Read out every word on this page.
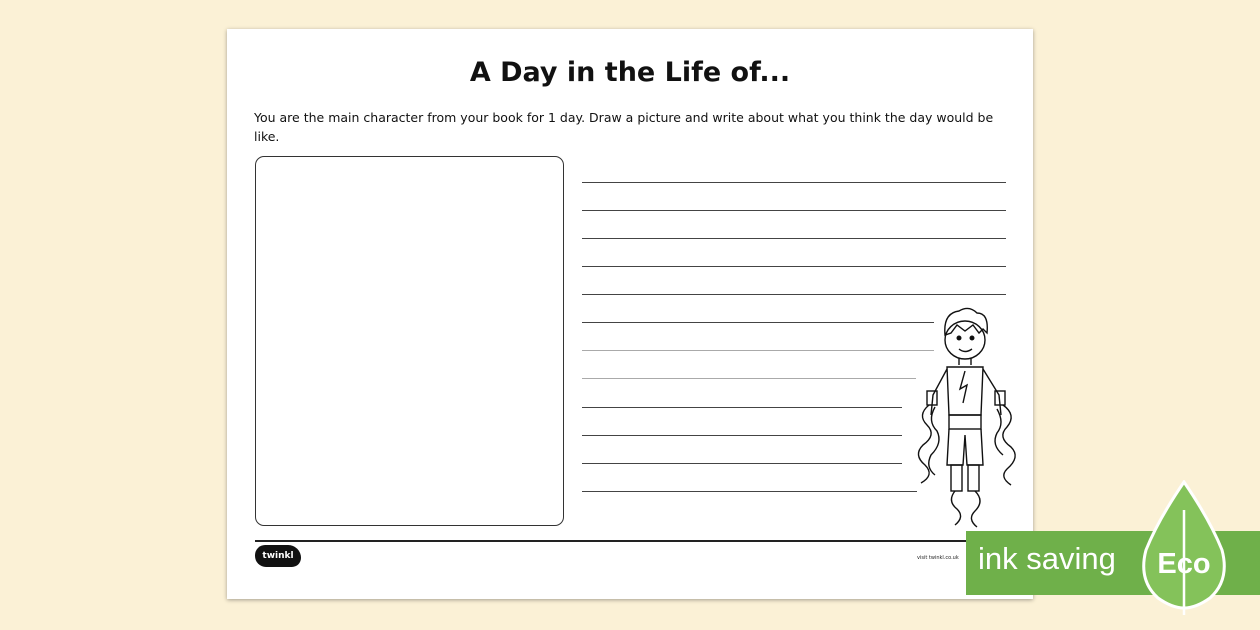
A Day in the Life of...
You are the main character from your book for 1 day. Draw a picture and write about what you think the day would be like.
twinkl	visit twinkl.co.uk ink saving Eco
